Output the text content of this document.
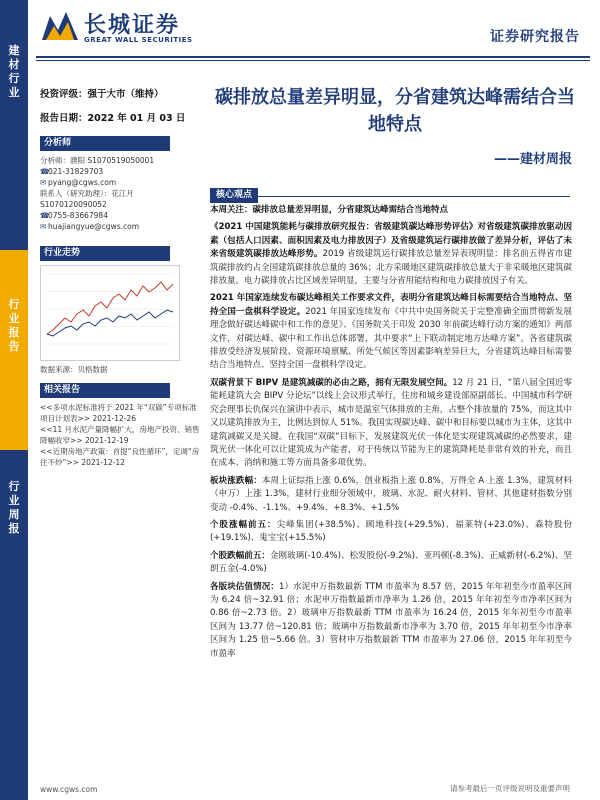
建材行业
行业报告
行业周报
长城证券
GREAT WALL SECURITIES	证券研究报告
投资评级：强于大市（维持）
报告日期：2022 年 01 月 03 日
分析师
分析师：濮阳 S1070519050001
☎021-31829703
✉ pyang@cgws.com
联系人（研究助理）：花江月
S1070120090052
☎0755-83667984
✉ huajiangyue@cgws.com
行业走势
数据来源：贝格数据
相关报告
<<多项水泥标准将于 2021 年“双碳”专项标准项目计划表>> 2021-12-26
<<11 月水泥产量降幅扩大，房地产投资、销售降幅收窄>> 2021-12-19
<<近期房地产政策：首提“良性循环”，定调“房住不炒”>> 2021-12-12
碳排放总量差异明显，分省建筑达峰需结合当地特点
——建材周报
核心观点

本周关注：碳排放总量差异明显，分省建筑达峰需结合当地特点

《2021 中国建筑能耗与碳排放研究报告：省级建筑碳达峰形势评估》对省级建筑碳排放驱动因素（包括人口因素、面积因素及电力排放因子）及省级建筑运行碳排放做了差异分析，评估了未来省级建筑碳排放达峰形势。2019 省级建筑运行碳排放总量差异表现明显：排名前五得省市建筑碳排放约占全国建筑碳排放总量的 36%；北方采暖地区建筑碳排放总量大于非采暖地区建筑碳排放量。电力碳排放占比区域差异明显，主要与分省用能结构和电力碳排放因子有关。

2021 年国家连续发布碳达峰相关工作要求文件，表明分省建筑达峰目标需要结合当地特点、坚持全国一盘棋科学设定。2021 年国家连续发布《中共中央国务院关于完整准确全面贯彻新发展理念做好碳达峰碳中和工作的意见》、《国务院关于印发 2030 年前碳达峰行动方案的通知》两部文件，对碳达峰、碳中和工作出总体部署，其中要求“上下联动制定地方达峰方案”。各省建筑碳排放受经济发展阶段、资源环境禀赋、所处气候区等因素影响差异巨大，分省建筑达峰目标需要结合当地特点、坚持全国一盘棋科学设定。

双碳背景下 BIPV 是建筑减碳的必由之路，拥有无限发展空间。12 月 21 日，“第八届全国近零能耗建筑大会 BIPV 分论坛”以线上会议形式举行，住房和城乡建设部原副部长、中国城市科学研究会理事长仇保兴在演讲中表示，城市是温室气体排放的主角，占整个排放量的 75%，而这其中又以建筑排放为主，比例达到惊人 51%。我国实现碳达峰、碳中和目标要以城市为主体，这其中建筑减碳又是关键。在我国“双碳”目标下，发展建筑光伏一体化是实现建筑减碳的必然要求，建筑光伏一体化可以让建筑成为产能者，对于传统以节能为主的建筑降耗是非常有效的补充，而且在成本、消纳和施工等方面具备多项优势。

板块涨跌幅：本周上证综指上涨 0.6%，创业板指上涨 0.8%，万得全 A 上涨 1.3%，建筑材料（申万）上涨 1.3%，建材行业细分领域中，玻璃、水泥、耐火材料、管材、其他建材指数分别变动 -0.4%、-1.1%、+9.4%、+8.3%、+1.5%

个股涨幅前五：尖峰集团(+38.5%)、顾地科技(+29.5%)、福莱特(+23.0%)、森特股份(+19.1%)、鬼宝宝(+15.5%)

个股跌幅前五：金刚玻璃(-10.4%)、松发股份(-9.2%)、亚玛顿(-8.3%)、正威新材(-6.2%)、坚朗五金(-4.0%)

各版块估值情况：1）水泥申万指数最新 TTM 市盈率为 8.57 倍，2015 年年初至今市盈率区间为 6.24 倍~32.91 倍；水泥申万指数最新市净率为 1.26 倍，2015 年年初至今市净率区间为 0.86 倍~2.73 倍。2）玻璃申万指数最新 TTM 市盈率为 16.24 倍，2015 年年初至今市盈率区间为 13.77 倍~120.81 倍；玻璃申万指数最新市净率为 3.70 倍，2015 年年初至今市净率区间为 1.25 倍~5.66 倍。3）管材申万指数最新 TTM 市盈率为 27.06 倍，2015 年年初至今市盈率

www.cgws.com	请参考最后一页评级说明及重要声明
